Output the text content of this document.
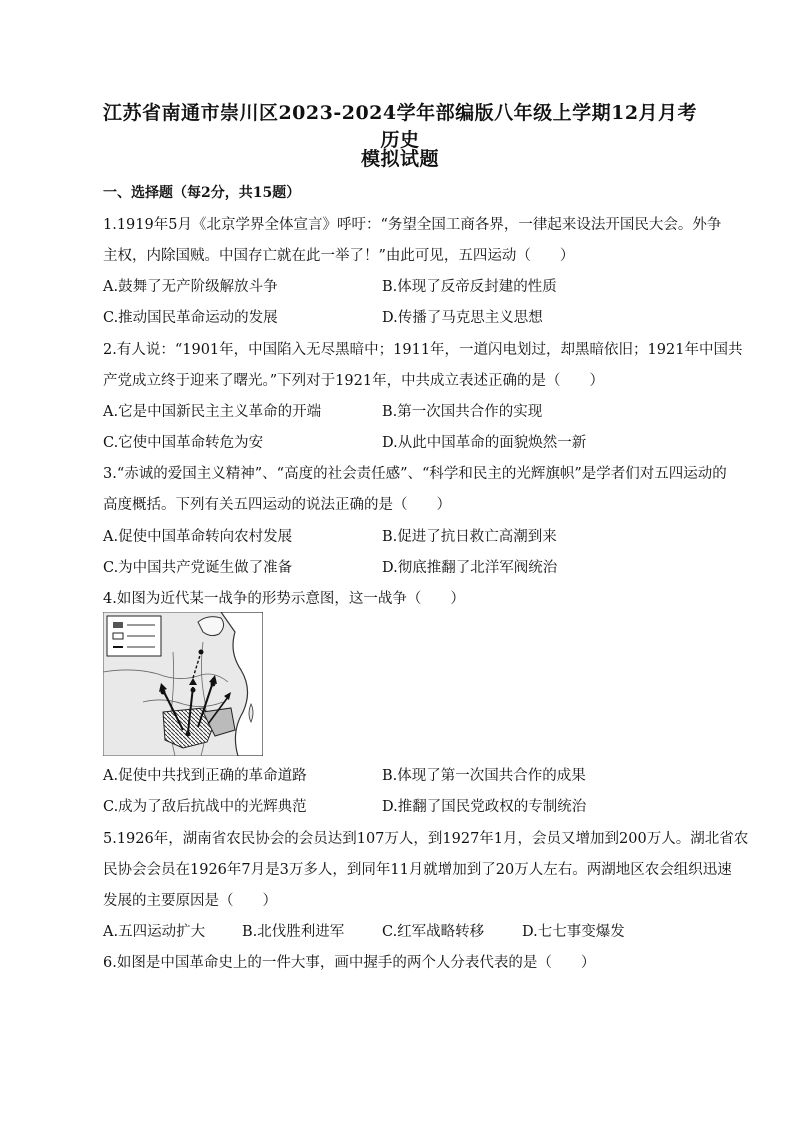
江苏省南通市崇川区2023-2024学年部编版八年级上学期12月月考历史
模拟试题
一、选择题（每2分，共15题）
1.1919年5月《北京学界全体宣言》呼吁：“务望全国工商各界，一律起来设法开国民大会。外争
主权，内除国贼。中国存亡就在此一举了！”由此可见，五四运动（　　）
A.鼓舞了无产阶级解放斗争	B.体现了反帝反封建的性质
C.推动国民革命运动的发展	D.传播了马克思主义思想
2.有人说：“1901年，中国陷入无尽黑暗中；1911年，一道闪电划过，却黑暗依旧；1921年中国共
产党成立终于迎来了曙光。”下列对于1921年，中共成立表述正确的是（　　）
A.它是中国新民主主义革命的开端	B.第一次国共合作的实现
C.它使中国革命转危为安	D.从此中国革命的面貌焕然一新
3.“赤诚的爱国主义精神”、“高度的社会责任感”、“科学和民主的光辉旗帜”是学者们对五四运动的
高度概括。下列有关五四运动的说法正确的是（　　）
A.促使中国革命转向农村发展	B.促进了抗日救亡高潮到来
C.为中国共产党诞生做了准备	D.彻底推翻了北洋军阀统治
4.如图为近代某一战争的形势示意图，这一战争（　　）
A.促使中共找到正确的革命道路	B.体现了第一次国共合作的成果
C.成为了敌后抗战中的光辉典范	D.推翻了国民党政权的专制统治
5.1926年，湖南省农民协会的会员达到107万人，到1927年1月，会员又增加到200万人。湖北省农
民协会会员在1926年7月是3万多人，到同年11月就增加到了20万人左右。两湖地区农会组织迅速
发展的主要原因是（　　）
A.五四运动扩大	B.北伐胜利进军	C.红军战略转移	D.七七事变爆发
6.如图是中国革命史上的一件大事，画中握手的两个人分表代表的是（　　）
